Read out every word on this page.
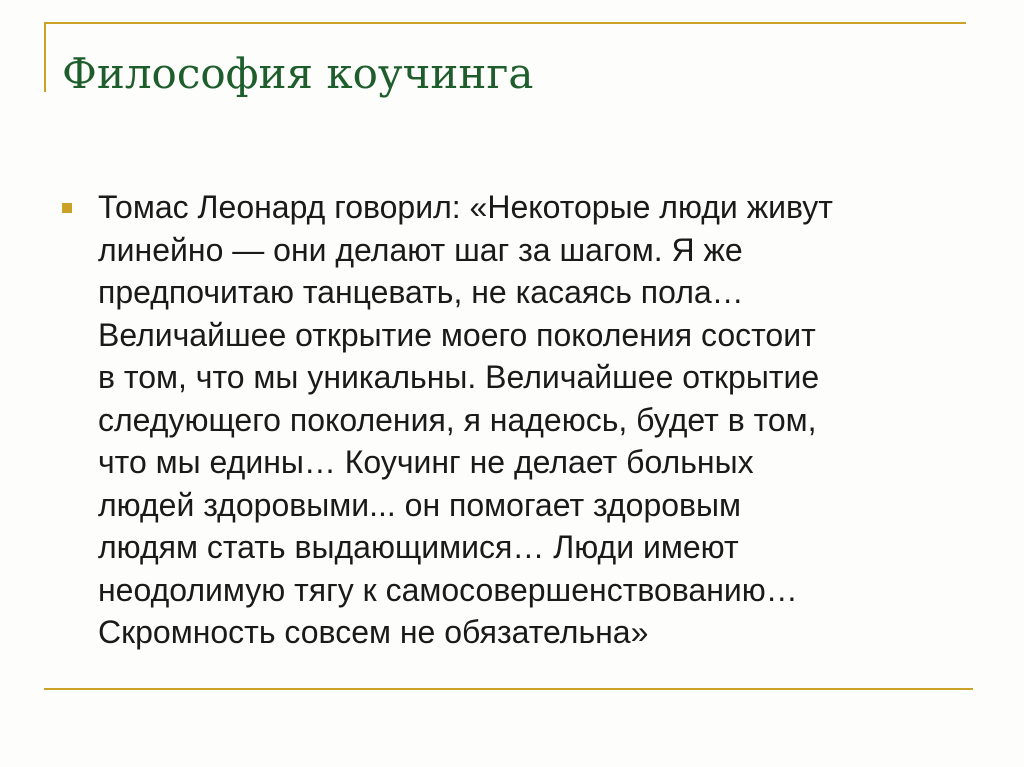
Философия коучинга

Томас Леонард говорил: «Некоторые люди живут
линейно — они делают шаг за шагом. Я же
предпочитаю танцевать, не касаясь пола…
Величайшее открытие моего поколения состоит
в том, что мы уникальны. Величайшее открытие
следующего поколения, я надеюсь, будет в том,
что мы едины… Коучинг не делает больных
людей здоровыми... он помогает здоровым
людям стать выдающимися… Люди имеют
неодолимую тягу к самосовершенствованию…
Скромность совсем не обязательна»
